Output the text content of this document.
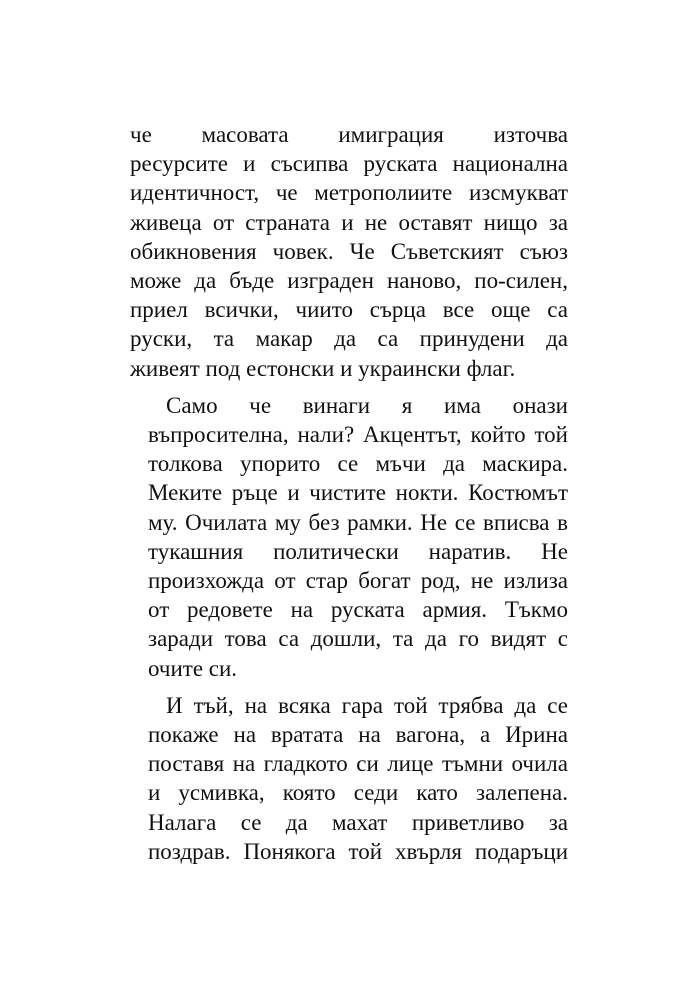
че масовата имиграция източва
ресурсите и съсипва руската национална
идентичност, че метрополиите изсмукват
живеца от страната и не оставят нищо за
обикновения човек. Че Съветският съюз
може да бъде изграден наново, по-силен,
приел всички, чиито сърца все още са
руски, та макар да са принудени да
живеят под естонски и украински флаг.
Само че винаги я има онази
въпросителна, нали? Акцентът, който той
толкова упорито се мъчи да маскира.
Меките ръце и чистите нокти. Костюмът
му. Очилата му без рамки. Не се вписва в
тукашния политически наратив. Не
произхожда от стар богат род, не излиза
от редовете на руската армия. Тъкмо
заради това са дошли, та да го видят с
очите си.
И тъй, на всяка гара той трябва да се
покаже на вратата на вагона, а Ирина
поставя на гладкото си лице тъмни очила
и усмивка, която седи като залепена.
Налага се да махат приветливо за
поздрав. Понякога той хвърля подаръци
